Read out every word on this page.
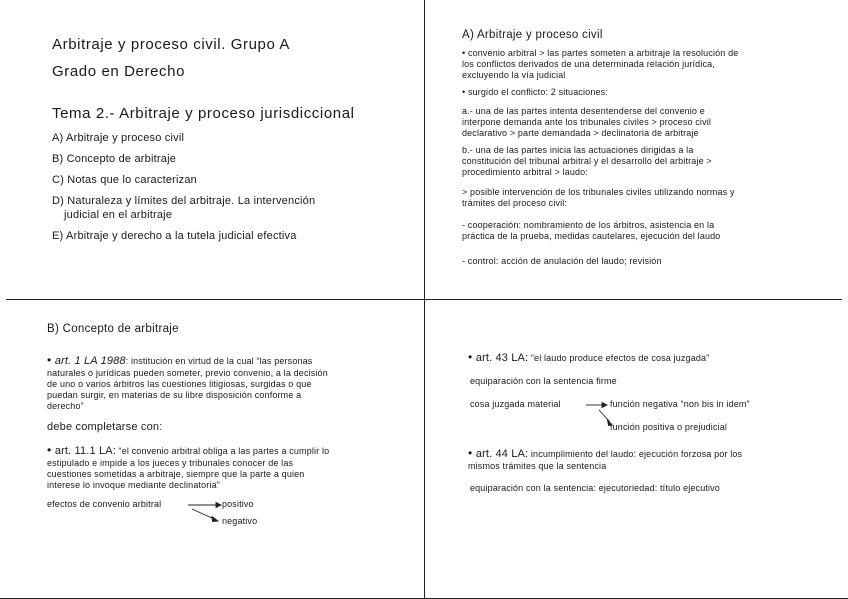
Arbitraje y proceso civil. Grupo A
Grado en Derecho
Tema 2.- Arbitraje y proceso jurisdiccional
A) Arbitraje y proceso civil
B) Concepto de arbitraje
C) Notas que lo caracterizan
D) Naturaleza y límites del arbitraje. La intervención
judicial en el arbitraje
E) Arbitraje y derecho a la tutela judicial efectiva
A) Arbitraje y proceso civil
• convenio arbitral > las partes someten a arbitraje la resolución de
los conflictos derivados de una determinada relación jurídica,
excluyendo la vía judicial
• surgido el conflicto: 2 situaciones:
a.- una de las partes intenta desentenderse del convenio e
interpone demanda ante los tribunales civiles > proceso civil
declarativo > parte demandada > declinatoria de arbitraje
b.- una de las partes inicia las actuaciones dirigidas a la
constitución del tribunal arbitral y el desarrollo del arbitraje >
procedimiento arbitral > laudo:
> posible intervención de los tribunales civiles utilizando normas y
trámites del proceso civil:
- cooperación: nombramiento de los árbitros, asistencia en la
práctica de la prueba, medidas cautelares, ejecución del laudo
- control: acción de anulación del laudo; revisión
B) Concepto de arbitraje
• art. 1 LA 1988: institución en virtud de la cual “las personas
naturales o jurídicas pueden someter, previo convenio, a la decisión
de uno o varios árbitros las cuestiones litigiosas, surgidas o que
puedan surgir, en materias de su libre disposición conforme a
derecho”
debe completarse con:
• art. 11.1 LA: “el convenio arbitral obliga a las partes a cumplir lo
estipulado e impide a los jueces y tribunales conocer de las
cuestiones sometidas a arbitraje, siempre que la parte a quien
interese lo invoque mediante declinatoria”
efectos de convenio arbitral	positivo
negativo
• art. 43 LA: “el laudo produce efectos de cosa juzgada”
equiparación con la sentencia firme
cosa juzgada material	función negativa “non bis in idem”
función positiva o prejudicial
• art. 44 LA: incumplimiento del laudo: ejecución forzosa por los
mismos trámites que la sentencia
equiparación con la sentencia: ejecutoriedad: título ejecutivo
